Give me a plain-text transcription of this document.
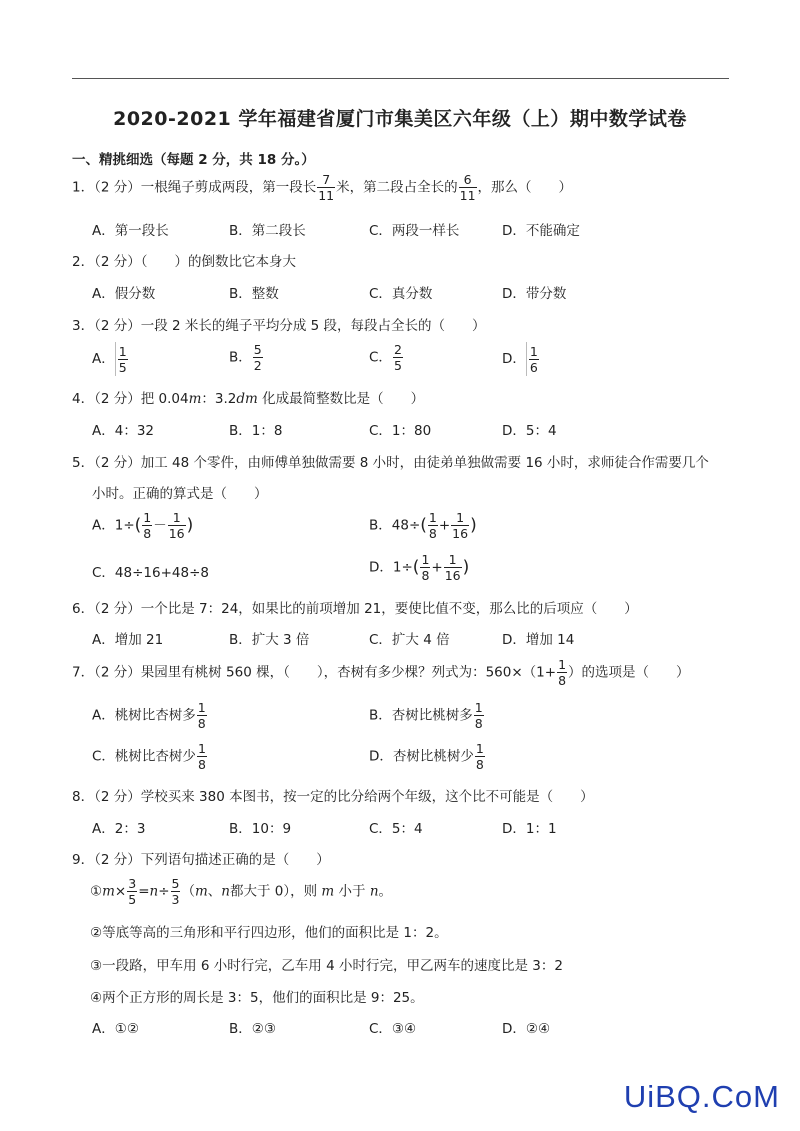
2020-2021 学年福建省厦门市集美区六年级（上）期中数学试卷
一、精挑细选（每题 2 分，共 18 分。）
1．（2 分）一根绳子剪成两段，第一段长 $\frac{7}{11}$ 米，第二段占全长的 $\frac{6}{11}$ ，那么（　　）
A．第一段长	B．第二段长	C．两段一样长	D．不能确定
2．（2 分）（　　）的倒数比它本身大
A．假分数	B．整数	C．真分数	D．带分数
3．（2 分）一段 2 米长的绳子平均分成 5 段，每段占全长的（　　）
A． $\frac{1}{5}$	B． $\frac{5}{2}$	C． $\frac{2}{5}$	D． $\frac{1}{6}$
4．（2 分）把 0.04m：3.2dm 化成最简整数比是（　　）
A．4：32	B．1：8	C．1：80	D．5：4
5．（2 分）加工 48 个零件，由师傅单独做需要 8 小时，由徒弟单独做需要 16 小时，求师徒合作需要几个
小时。正确的算式是（　　）
A．$1\div( \frac{1}{8} - \frac{1}{16}$ )	B．$48\div( \frac{1}{8} + \frac{1}{16}$ )
C．48÷16+48÷8	D．$1\div( \frac{1}{8} + \frac{1}{16}$ )
6．（2 分）一个比是 7：24，如果比的前项增加 21，要使比值不变，那么比的后项应（　　）
A．增加 21	B．扩大 3 倍	C．扩大 4 倍	D．增加 14
7．（2 分）果园里有桃树 560 棵，（　　），杏树有多少棵？列式为：$560\times(1+ \frac{1}{8}$ ）的选项是（　　）
A．桃树比杏树多 $\frac{1}{8}$	B．杏树比桃树多 $\frac{1}{8}$
C．桃树比杏树少 $\frac{1}{8}$	D．杏树比桃树少 $\frac{1}{8}$
8．（2 分）学校买来 380 本图书，按一定的比分给两个年级，这个比不可能是（　　）
A．2：3	B．10：9	C．5：4	D．1：1
9．（2 分）下列语句描述正确的是（　　）
①m× $\frac{3}{5} =n\div \frac{5}{3} (m$、n都大于 0），则 m 小于 n。
②等底等高的三角形和平行四边形，他们的面积比是 1：2。
③一段路，甲车用 6 小时行完，乙车用 4 小时行完，甲乙两车的速度比是 3：2
④两个正方形的周长是 3：5，他们的面积比是 9：25。
A．①②	B．②③	C．③④	D．②④
UiBQ.CoM
